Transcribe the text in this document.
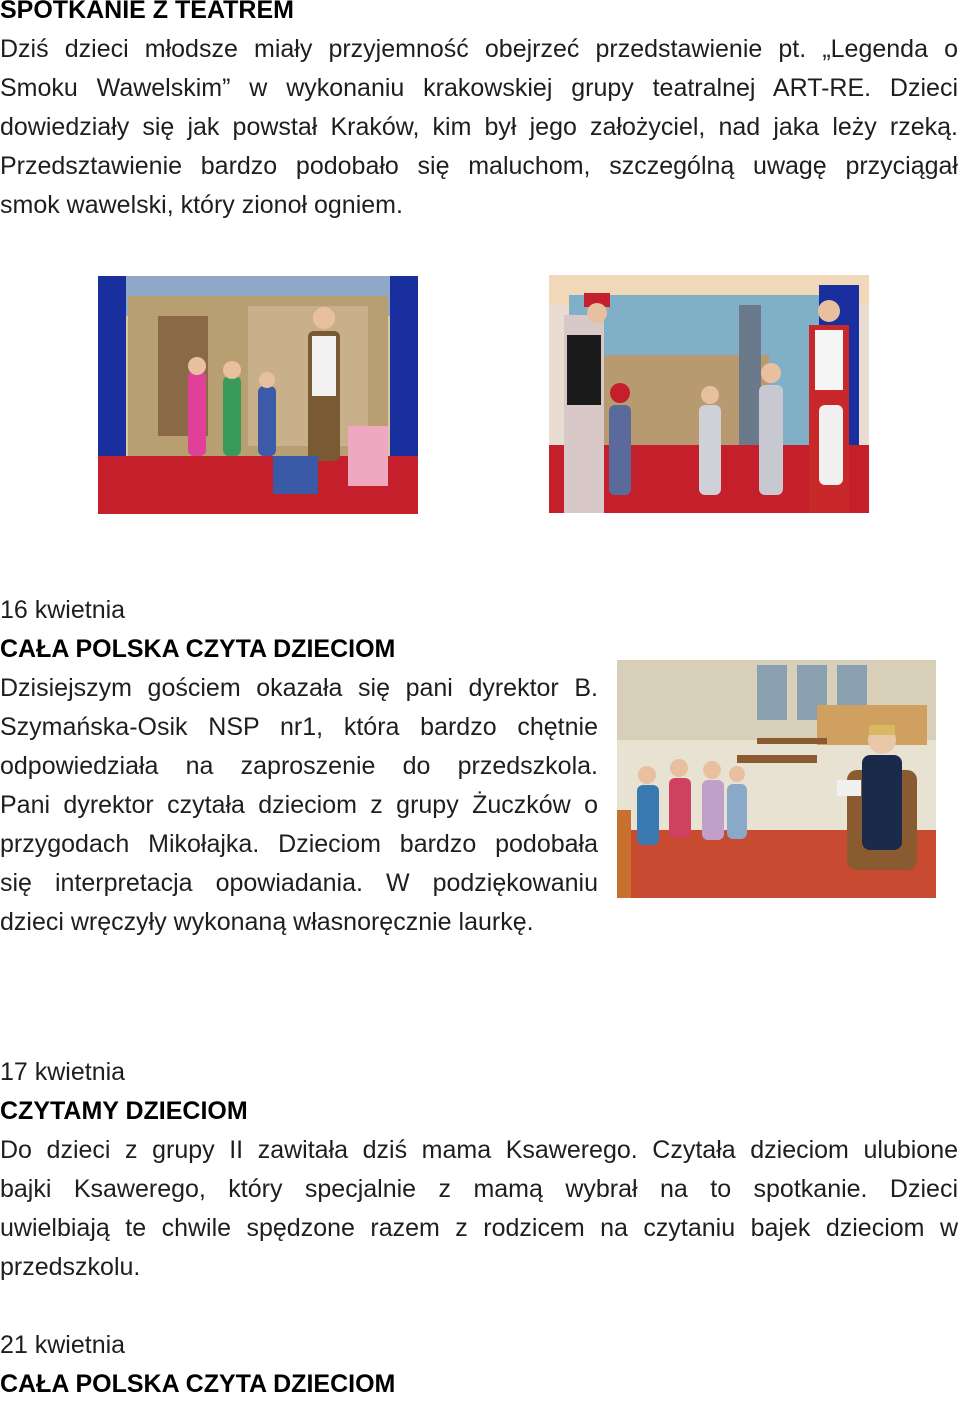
SPOTKANIE Z TEATREM
Dziś dzieci młodsze miały przyjemność obejrzeć przedstawienie pt. „Legenda o
Smoku Wawelskim” w wykonaniu krakowskiej grupy teatralnej ART-RE. Dzieci
dowiedziały się jak powstał Kraków, kim był jego założyciel, nad jaka leży rzeką.
Przedsztawienie bardzo podobało się maluchom, szczególną uwagę przyciągał
smok wawelski, który zionoł ogniem.
16 kwietnia
CAŁA POLSKA CZYTA DZIECIOM
Dzisiejszym gościem okazała się pani dyrektor B.
Szymańska-Osik NSP nr1, która bardzo chętnie
odpowiedziała na zaproszenie do przedszkola.
Pani dyrektor czytała dzieciom z grupy Żuczków o
przygodach Mikołajka. Dzieciom bardzo podobała
się interpretacja opowiadania. W podziękowaniu
dzieci wręczyły wykonaną własnoręcznie laurkę.
17 kwietnia
CZYTAMY DZIECIOM
Do dzieci z grupy II zawitała dziś mama Ksawerego. Czytała dzieciom ulubione
bajki Ksawerego, który specjalnie z mamą wybrał na to spotkanie. Dzieci
uwielbiają te chwile spędzone razem z rodzicem na czytaniu bajek dzieciom w
przedszkolu.
21 kwietnia
CAŁA POLSKA CZYTA DZIECIOM
